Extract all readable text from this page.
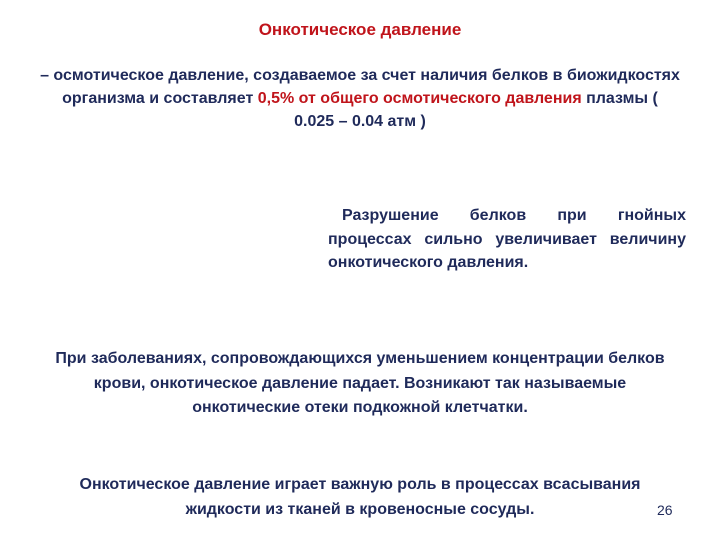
Онкотическое давление
– осмотическое давление, создаваемое за счет наличия белков в биожидкостях организма и составляет 0,5% от общего осмотического давления плазмы ( 0.025 – 0.04 атм )
Разрушение белков при гнойных процессах сильно увеличивает величину онкотического давления.
При заболеваниях, сопровождающихся уменьшением концентрации белков крови, онкотическое давление падает. Возникают так называемые онкотические отеки подкожной клетчатки.
Онкотическое давление играет важную роль в процессах всасывания жидкости из тканей в кровеносные сосуды.	26
